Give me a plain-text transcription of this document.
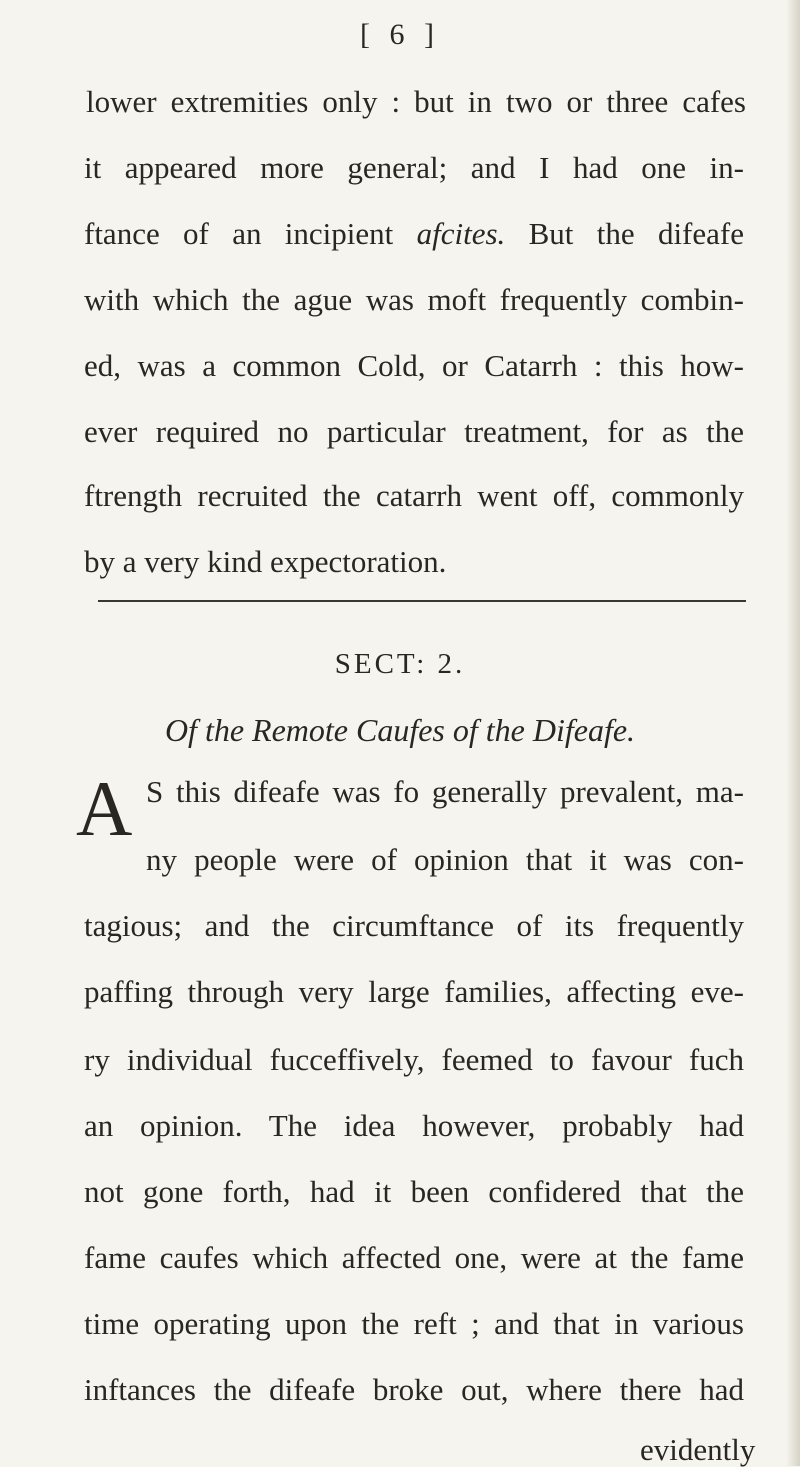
[ 6 ]
lower extremities only : but in two or three cafes
it appeared more general; and I had one in-
ftance of an incipient afcites. But the difeafe
with which the ague was moft frequently combin-
ed, was a common Cold, or Catarrh : this how-
ever required no particular treatment, for as the
ftrength recruited the catarrh went off, commonly
by a very kind expectoration.
SECT: 2.
Of the Remote Caufes of the Difeafe.
A S this difeafe was fo generally prevalent, ma-
ny people were of opinion that it was con-
tagious; and the circumftance of its frequently
paffing through very large families, affecting eve-
ry individual fucceffively, feemed to favour fuch
an opinion. The idea however, probably had
not gone forth, had it been confidered that the
fame caufes which affected one, were at the fame
time operating upon the reft ; and that in various
inftances the difeafe broke out, where there had
evidently
